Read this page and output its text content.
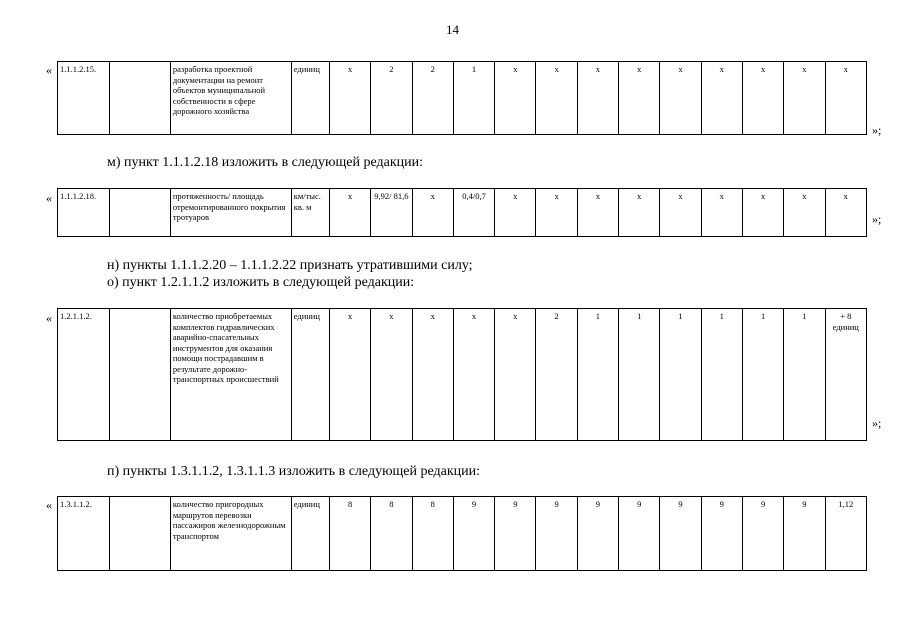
14
« 1.1.1.2.15.		разработка проектной документации на ремонт объектов муниципальной собственности в сфере дорожного хозяйства	единиц	х	2	2	1	х	х	х	х	х	х	х	х	х
»;
м) пункт 1.1.1.2.18 изложить в следующей редакции:
« 1.1.1.2.18.		протяженность/ площадь отремонтированного покрытия тротуаров	км/тыс. кв. м	х	9,92/ 81,6	х	0,4/0,7	х	х	х	х	х	х	х	х	х
»;
н) пункты 1.1.1.2.20 – 1.1.1.2.22 признать утратившими силу;
о) пункт 1.2.1.1.2 изложить в следующей редакции:
« 1.2.1.1.2.		количество приобретаемых комплектов гидравлических аварийно-спасательных инструментов для оказания помощи пострадавшим в результате дорожно-транспортных происшествий	единиц	х	х	х	х	х	2	1	1	1	1	1	1	+ 8 единиц
»;
п) пункты 1.3.1.1.2, 1.3.1.1.3 изложить в следующей редакции:
« 1.3.1.1.2.		количество пригородных маршрутов перевозки пассажиров железнодорожным транспортом	единиц	8	8	8	9	9	9	9	9	9	9	9	9	1,12
